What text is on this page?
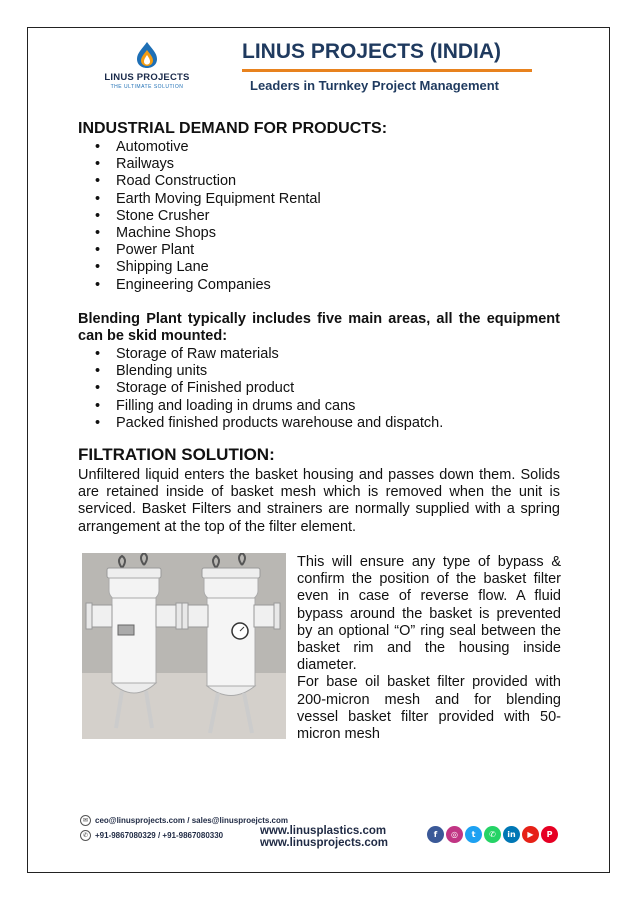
LINUS PROJECTS
THE ULTIMATE SOLUTION
LINUS PROJECTS (INDIA)
Leaders in Turnkey Project Management
INDUSTRIAL DEMAND FOR PRODUCTS:
• Automotive
• Railways
• Road Construction
• Earth Moving Equipment Rental
• Stone Crusher
• Machine Shops
• Power Plant
• Shipping Lane
• Engineering Companies
Blending Plant typically includes five main areas, all the equipment can be skid mounted:
• Storage of Raw materials
• Blending units
• Storage of Finished product
• Filling and loading in drums and cans
• Packed finished products warehouse and dispatch.
FILTRATION SOLUTION:
Unfiltered liquid enters the basket housing and passes down them. Solids are retained inside of basket mesh which is removed when the unit is serviced. Basket Filters and strainers are normally supplied with a spring arrangement at the top of the filter element.

This will ensure any type of bypass & confirm the position of the basket filter even in case of reverse flow. A fluid bypass around the basket is prevented by an optional “O” ring seal between the basket rim and the housing inside diameter.

For base oil basket filter provided with 200-micron mesh and for blending vessel basket filter provided with 50-micron mesh

✉ ceo@linusprojects.com / sales@linusproejcts.com
✆ +91-9867080329 / +91-9867080330	www.linusplastics.com
www.linusprojects.com
f	◎	t	✆	in	▶	P
